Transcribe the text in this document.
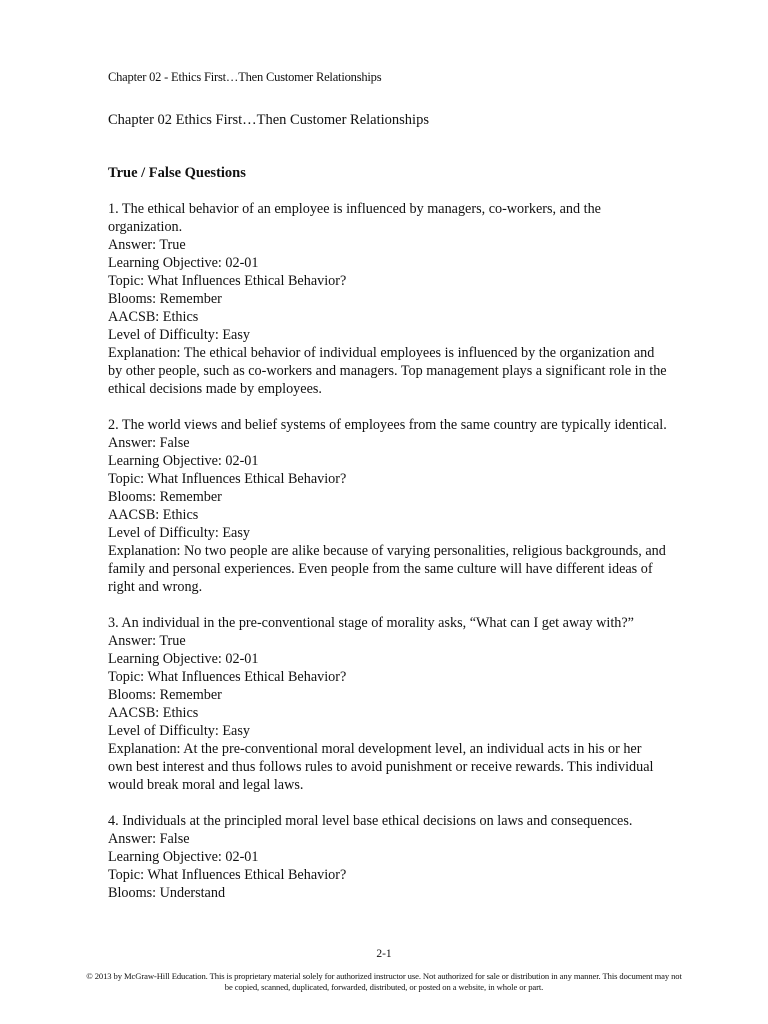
Chapter 02 - Ethics First…Then Customer Relationships
Chapter 02 Ethics First…Then Customer Relationships
True / False Questions

1. The ethical behavior of an employee is influenced by managers, co-workers, and the organization.

Answer: True

Learning Objective: 02-01

Topic: What Influences Ethical Behavior?

Blooms: Remember

AACSB: Ethics

Level of Difficulty: Easy

Explanation: The ethical behavior of individual employees is influenced by the organization and by other people, such as co-workers and managers. Top management plays a significant role in the ethical decisions made by employees.

2. The world views and belief systems of employees from the same country are typically identical.

Answer: False

Learning Objective: 02-01

Topic: What Influences Ethical Behavior?

Blooms: Remember

AACSB: Ethics

Level of Difficulty: Easy

Explanation: No two people are alike because of varying personalities, religious backgrounds, and family and personal experiences. Even people from the same culture will have different ideas of right and wrong.

3. An individual in the pre-conventional stage of morality asks, “What can I get away with?”

Answer: True

Learning Objective: 02-01

Topic: What Influences Ethical Behavior?

Blooms: Remember

AACSB: Ethics

Level of Difficulty: Easy

Explanation: At the pre-conventional moral development level, an individual acts in his or her own best interest and thus follows rules to avoid punishment or receive rewards. This individual would break moral and legal laws.

4. Individuals at the principled moral level base ethical decisions on laws and consequences.

Answer: False

Learning Objective: 02-01

Topic: What Influences Ethical Behavior?

Blooms: Understand

2-1
© 2013 by McGraw-Hill Education. This is proprietary material solely for authorized instructor use. Not authorized for sale or distribution in any manner. This document may not be copied, scanned, duplicated, forwarded, distributed, or posted on a website, in whole or part.
